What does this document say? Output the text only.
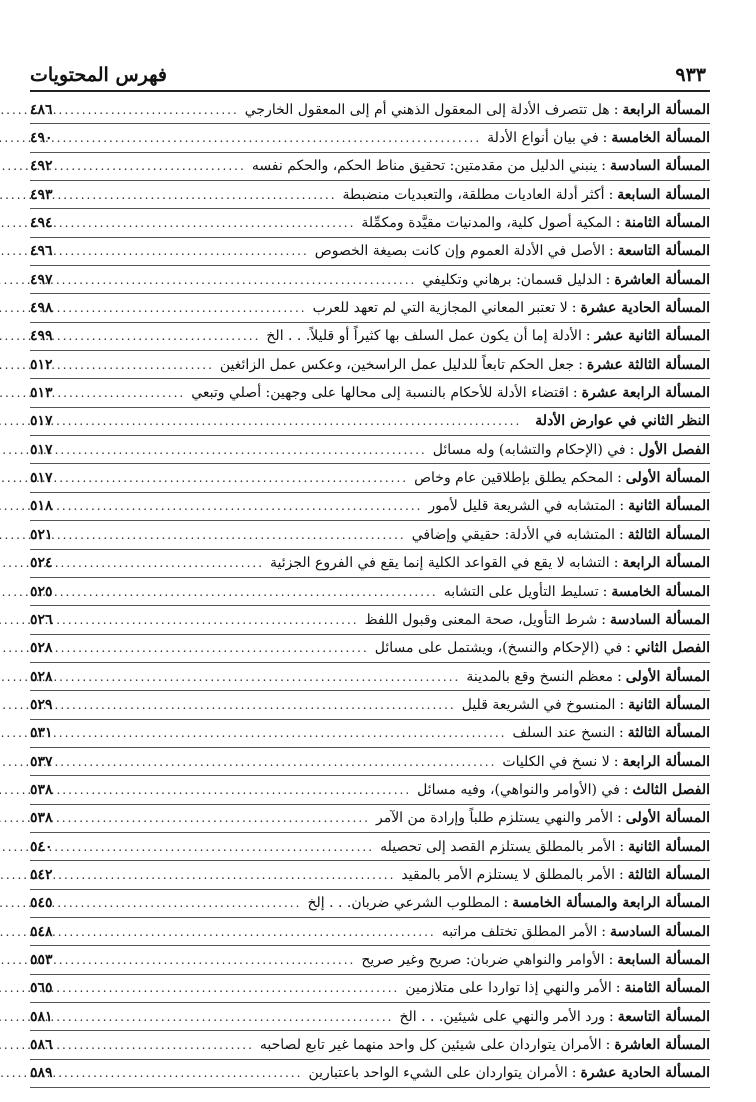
فهرس المحتويات	٩٣٣
المسألة الرابعة
:
هل تتصرف الأدلة إلى المعقول الذهني أم إلى المعقول الخارجي
.....
٤٨٦
المسألة الخامسة
:
في بيان أنواع الأدلة
.....
٤٩٠
المسألة السادسة
:
ينبني الدليل من مقدمتين: تحقيق مناط الحكم، والحكم نفسه
.....
٤٩٢
المسألة السابعة
:
أكثر أدلة العاديات مطلقة، والتعبديات منضبطة
.....
٤٩٣
المسألة الثامنة
:
المكية أصول كلية، والمدنيات مقيَّدة ومكمِّلة
.....
٤٩٤
المسألة التاسعة
:
الأصل في الأدلة العموم وإن كانت بصيغة الخصوص
.....
٤٩٦
المسألة العاشرة
:
الدليل قسمان: برهاني وتكليفي
.....
٤٩٧
المسألة الحادية عشرة
:
لا تعتبر المعاني المجازية التي لم تعهد للعرب
.....
٤٩٨
المسألة الثانية عشر
:
الأدلة إما أن يكون عمل السلف بها كثيراً أو قليلاً. . . الخ
.....
٤٩٩
المسألة الثالثة عشرة
:
جعل الحكم تابعاً للدليل عمل الراسخين، وعكس عمل الزائغين
.....
٥١٢
المسألة الرابعة عشرة
:
اقتضاء الأدلة للأحكام بالنسبة إلى محالها على وجهين: أصلي وتبعي
.....
٥١٣
النظر الثاني في عوارض الأدلة
.....
٥١٧
الفصل الأول
:
في (الإحكام والتشابه) وله مسائل
.....
٥١٧
المسألة الأولى
:
المحكم يطلق بإطلاقين عام وخاص
.....
٥١٧
المسألة الثانية
:
المتشابه في الشريعة قليل لأمور
.....
٥١٨
المسألة الثالثة
:
المتشابه في الأدلة: حقيقي وإضافي
.....
٥٢١
المسألة الرابعة
:
التشابه لا يقع في القواعد الكلية إنما يقع في الفروع الجزئية
.....
٥٢٤
المسألة الخامسة
:
تسليط التأويل على التشابه
.....
٥٢٥
المسألة السادسة
:
شرط التأويل، صحة المعنى وقبول اللفظ
.....
٥٢٦
الفصل الثاني
:
في (الإحكام والنسخ)، ويشتمل على مسائل
.....
٥٢٨
المسألة الأولى
:
معظم النسخ وقع بالمدينة
.....
٥٢٨
المسألة الثانية
:
المنسوخ في الشريعة قليل
.....
٥٢٩
المسألة الثالثة
:
النسخ عند السلف
.....
٥٣١
المسألة الرابعة
:
لا نسخ في الكليات
.....
٥٣٧
الفصل الثالث
:
في (الأوامر والنواهي)، وفيه مسائل
.....
٥٣٨
المسألة الأولى
:
الأمر والنهي يستلزم طلباً وإرادة من الآمر
.....
٥٣٨
المسألة الثانية
:
الأمر بالمطلق يستلزم القصد إلى تحصيله
.....
٥٤٠
المسألة الثالثة
:
الأمر بالمطلق لا يستلزم الأمر بالمقيد
.....
٥٤٢
المسألة الرابعة والمسألة الخامسة
:
المطلوب الشرعي ضربان. . . إلخ
.....
٥٤٥
المسألة السادسة
:
الأمر المطلق تختلف مراتبه
.....
٥٤٨
المسألة السابعة
:
الأوامر والنواهي ضربان: صريح وغير صريح
.....
٥٥٣
المسألة الثامنة
:
الأمر والنهي إذا تواردا على متلازمين
.....
٥٦٥
المسألة التاسعة
:
ورد الأمر والنهي على شيئين. . . الخ
.....
٥٨١
المسألة العاشرة
:
الأمران يتواردان على شيئين كل واحد منهما غير تابع لصاحبه
.....
٥٨٦
المسألة الحادية عشرة
:
الأمران يتواردان على الشيء الواحد باعتبارين
.....
٥٨٩
